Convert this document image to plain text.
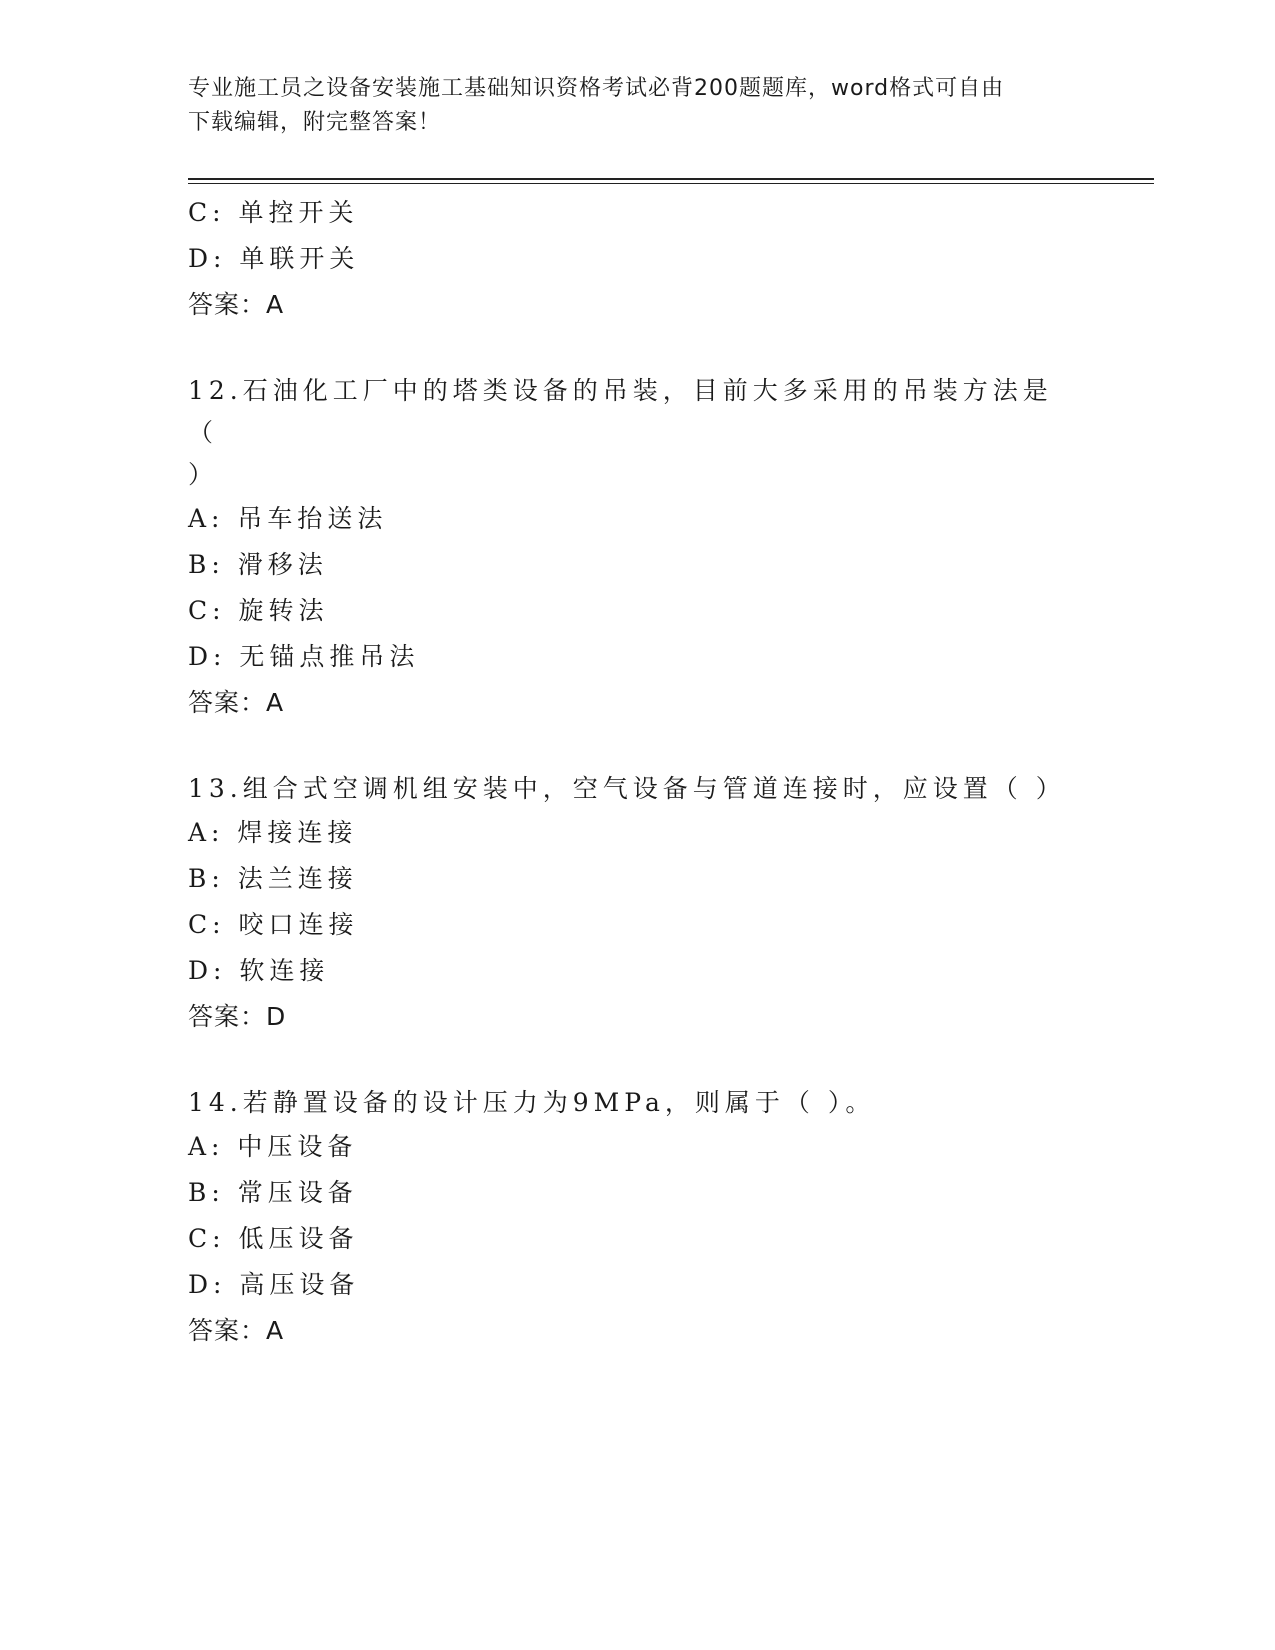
专业施工员之设备安装施工基础知识资格考试必背200题题库，word格式可自由
下载编辑，附完整答案！
C: 单控开关
D: 单联开关
答案：A
12.石油化工厂中的塔类设备的吊装，目前大多采用的吊装方法是（
）
A: 吊车抬送法
B: 滑移法
C: 旋转法
D: 无锚点推吊法
答案：A
13.组合式空调机组安装中，空气设备与管道连接时，应设置（ ）
A: 焊接连接
B: 法兰连接
C: 咬口连接
D: 软连接
答案：D
14.若静置设备的设计压力为9MPa，则属于（ ）。
A: 中压设备
B: 常压设备
C: 低压设备
D: 高压设备
答案：A
